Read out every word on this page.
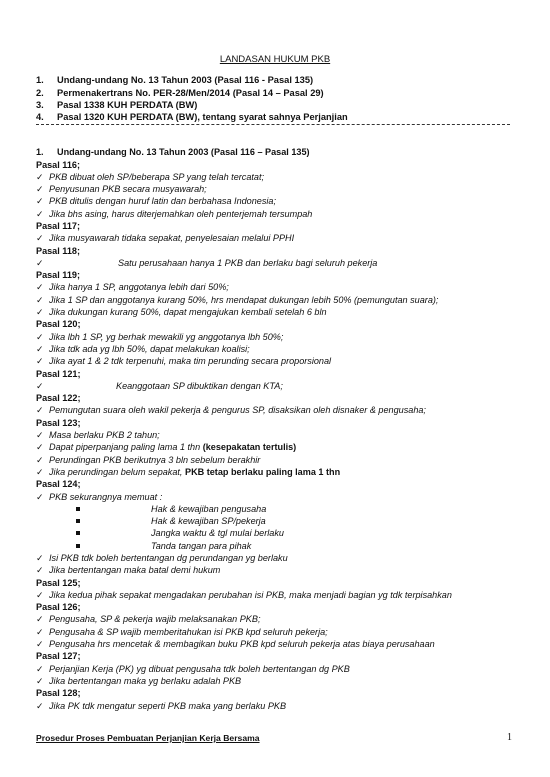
LANDASAN HUKUM PKB
1. Undang-undang No. 13 Tahun 2003 (Pasal 116 - Pasal 135)
2. Permenakertrans No. PER-28/Men/2014 (Pasal 14 – Pasal 29)
3. Pasal 1338 KUH PERDATA (BW)
4. Pasal 1320 KUH PERDATA (BW), tentang syarat sahnya Perjanjian
1. Undang-undang No. 13 Tahun 2003 (Pasal 116 – Pasal 135)
Pasal 116;
✓ PKB dibuat oleh SP/beberapa SP yang telah tercatat;
✓ Penyusunan PKB secara musyawarah;
✓ PKB ditulis dengan huruf latin dan berbahasa Indonesia;
✓ Jika bhs asing, harus diterjemahkan oleh penterjemah tersumpah
Pasal 117;
✓ Jika musyawarah tidaka sepakat, penyelesaian melalui PPHI
Pasal 118;
✓	Satu perusahaan hanya 1 PKB dan berlaku bagi seluruh pekerja
Pasal 119;
✓ Jika hanya 1 SP, anggotanya lebih dari 50%;
✓ Jika 1 SP dan anggotanya kurang 50%, hrs mendapat dukungan lebih 50% (pemungutan suara);
✓ Jika dukungan kurang 50%, dapat mengajukan kembali setelah 6 bln
Pasal 120;
✓ Jika lbh 1 SP, yg berhak mewakili yg anggotanya lbh 50%;
✓ Jika tdk ada yg lbh 50%, dapat melakukan koalisi;
✓ Jika ayat 1 & 2 tdk terpenuhi, maka tim perunding secara proporsional
Pasal 121;
✓	Keanggotaan SP dibuktikan dengan KTA;
Pasal 122;
✓ Pemungutan suara oleh wakil pekerja & pengurus SP, disaksikan oleh disnaker & pengusaha;
Pasal 123;
✓ Masa berlaku PKB 2 tahun;
✓ Dapat piperpanjang paling lama 1 thn (kesepakatan tertulis)
✓ Perundingan PKB berikutnya 3 bln sebelum berakhir
✓ Jika perundingan belum sepakat, PKB tetap berlaku paling lama 1 thn
Pasal 124;
✓ PKB sekurangnya memuat :
Hak & kewajiban pengusaha
Hak & kewajiban SP/pekerja
Jangka waktu & tgl mulai berlaku
Tanda tangan para pihak
✓ Isi PKB tdk boleh bertentangan dg perundangan yg berlaku
✓ Jika bertentangan maka batal demi hukum
Pasal 125;
✓ Jika kedua pihak sepakat mengadakan perubahan isi PKB, maka menjadi bagian yg tdk terpisahkan
Pasal 126;
✓ Pengusaha, SP & pekerja wajib melaksanakan PKB;
✓ Pengusaha & SP wajib memberitahukan isi PKB kpd seluruh pekerja;
✓ Pengusaha hrs mencetak & membagikan buku PKB kpd seluruh pekerja atas biaya perusahaan
Pasal 127;
✓ Perjanjian Kerja (PK) yg dibuat pengusaha tdk boleh bertentangan dg PKB
✓ Jika bertentangan maka yg berlaku adalah PKB
Pasal 128;
✓ Jika PK tdk mengatur seperti PKB maka yang berlaku PKB
Prosedur Proses Pembuatan Perjanjian Kerja Bersama	1
